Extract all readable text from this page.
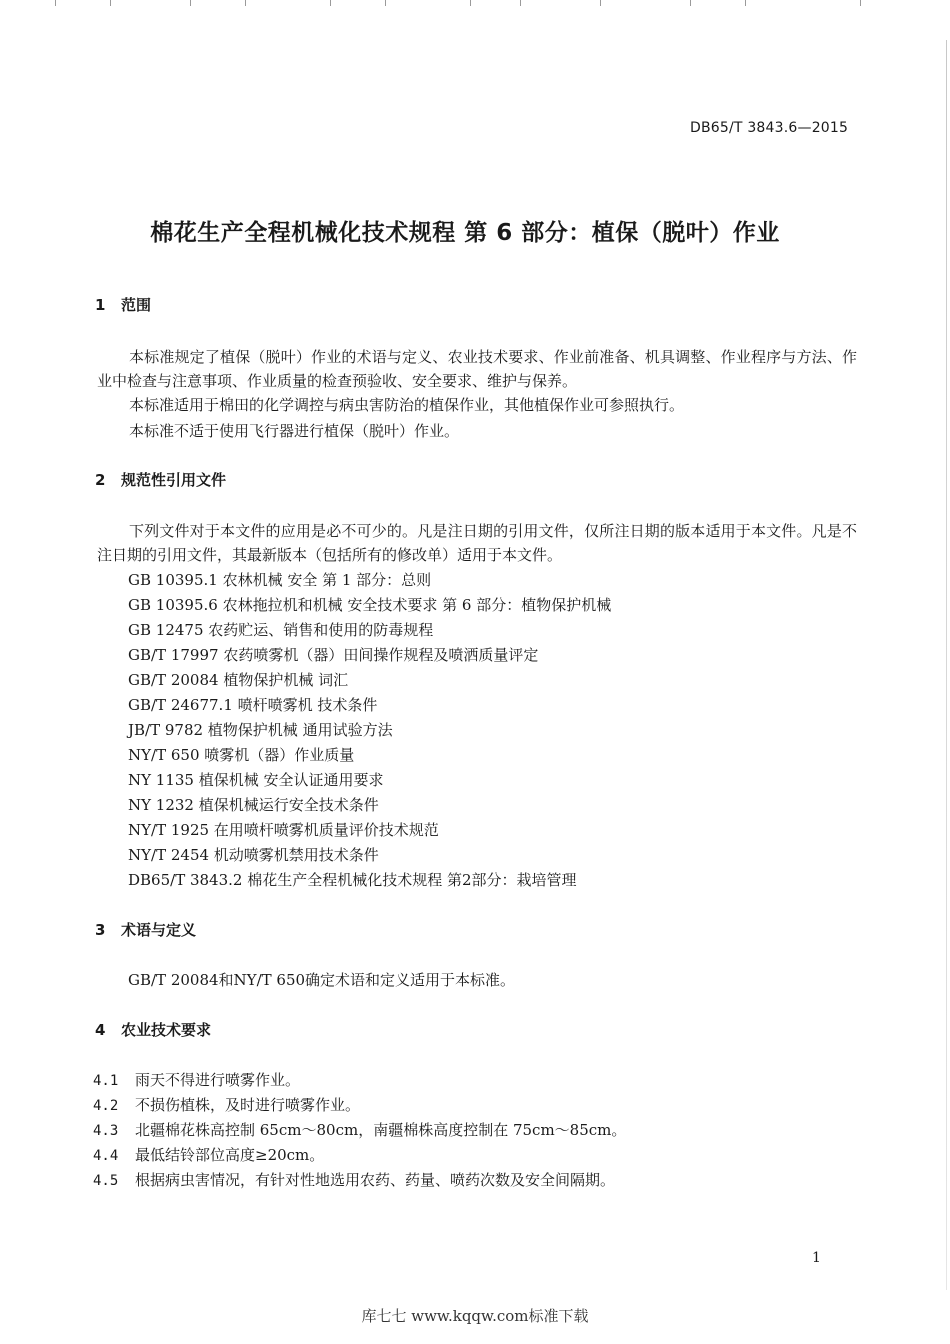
DB65/T 3843.6—2015
棉花生产全程机械化技术规程 第 6 部分：植保（脱叶）作业
1 范围
本标准规定了植保（脱叶）作业的术语与定义、农业技术要求、作业前准备、机具调整、作业程序与方法、作业中检查与注意事项、作业质量的检查预验收、安全要求、维护与保养。
本标准适用于棉田的化学调控与病虫害防治的植保作业，其他植保作业可参照执行。
本标准不适于使用飞行器进行植保（脱叶）作业。
2 规范性引用文件
下列文件对于本文件的应用是必不可少的。凡是注日期的引用文件，仅所注日期的版本适用于本文件。凡是不注日期的引用文件，其最新版本（包括所有的修改单）适用于本文件。
GB 10395.1 农林机械 安全 第 1 部分：总则
GB 10395.6 农林拖拉机和机械 安全技术要求 第 6 部分：植物保护机械
GB 12475 农药贮运、销售和使用的防毒规程
GB/T 17997 农药喷雾机（器）田间操作规程及喷洒质量评定
GB/T 20084 植物保护机械 词汇
GB/T 24677.1 喷杆喷雾机 技术条件
JB/T 9782 植物保护机械 通用试验方法
NY/T 650 喷雾机（器）作业质量
NY 1135 植保机械 安全认证通用要求
NY 1232 植保机械运行安全技术条件
NY/T 1925 在用喷杆喷雾机质量评价技术规范
NY/T 2454 机动喷雾机禁用技术条件
DB65/T 3843.2 棉花生产全程机械化技术规程 第2部分：栽培管理
3 术语与定义
GB/T 20084和NY/T 650确定术语和定义适用于本标准。
4 农业技术要求
4.1 雨天不得进行喷雾作业。
4.2 不损伤植株，及时进行喷雾作业。
4.3 北疆棉花株高控制 65cm～80cm，南疆棉株高度控制在 75cm～85cm。
4.4 最低结铃部位高度≥20cm。
4.5 根据病虫害情况，有针对性地选用农药、药量、喷药次数及安全间隔期。
1
库七七 www.kqqw.com标准下载
